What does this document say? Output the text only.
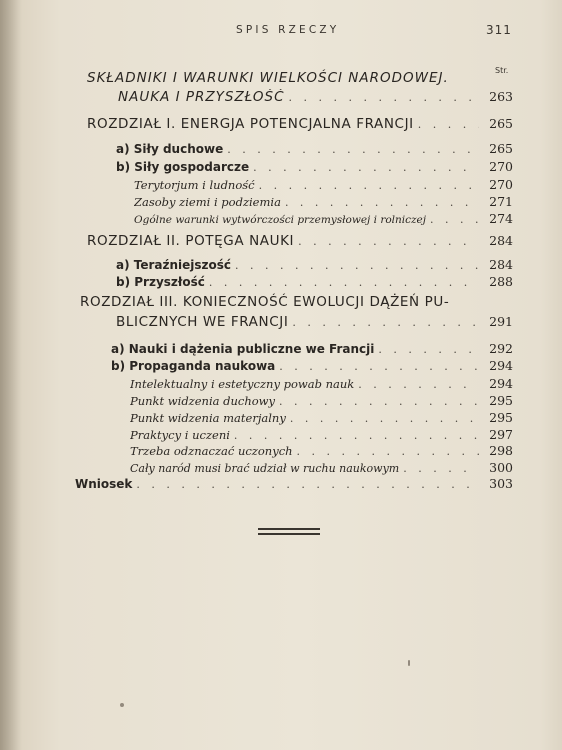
SPIS RZECZY	311
Str.
SKŁADNIKI I WARUNKI WIELKOŚCI NARODOWEJ.
NAUKA I PRZYSZŁOŚĆ . . .	263
ROZDZIAŁ I. ENERGJA POTENCJALNA FRANCJI . . .	265
a) Siły duchowe . . .	265
b) Siły gospodarcze . . .	270
Terytorjum i ludność . . .	270
Zasoby ziemi i podziemia . . .	271
Ogólne warunki wytwórczości przemysłowej i rolniczej . . .	274
ROZDZIAŁ II. POTĘGA NAUKI . . .	284
a) Teraźniejszość . . .	284
b) Przyszłość . . .	288
ROZDZIAŁ III. KONIECZNOŚĆ EWOLUCJI DĄŻEŃ PU-
BLICZNYCH WE FRANCJI . . .	291
a) Nauki i dążenia publiczne we Francji . . .	292
b) Propaganda naukowa . . .	294
Intelektualny i estetyczny powab nauk . . .	294
Punkt widzenia duchowy . . .	295
Punkt widzenia materjalny . . .	295
Praktycy i uczeni . . .	297
Trzeba odznaczać uczonych . . .	298
Cały naród musi brać udział w ruchu naukowym . . .	300
Wniosek . . .	303
